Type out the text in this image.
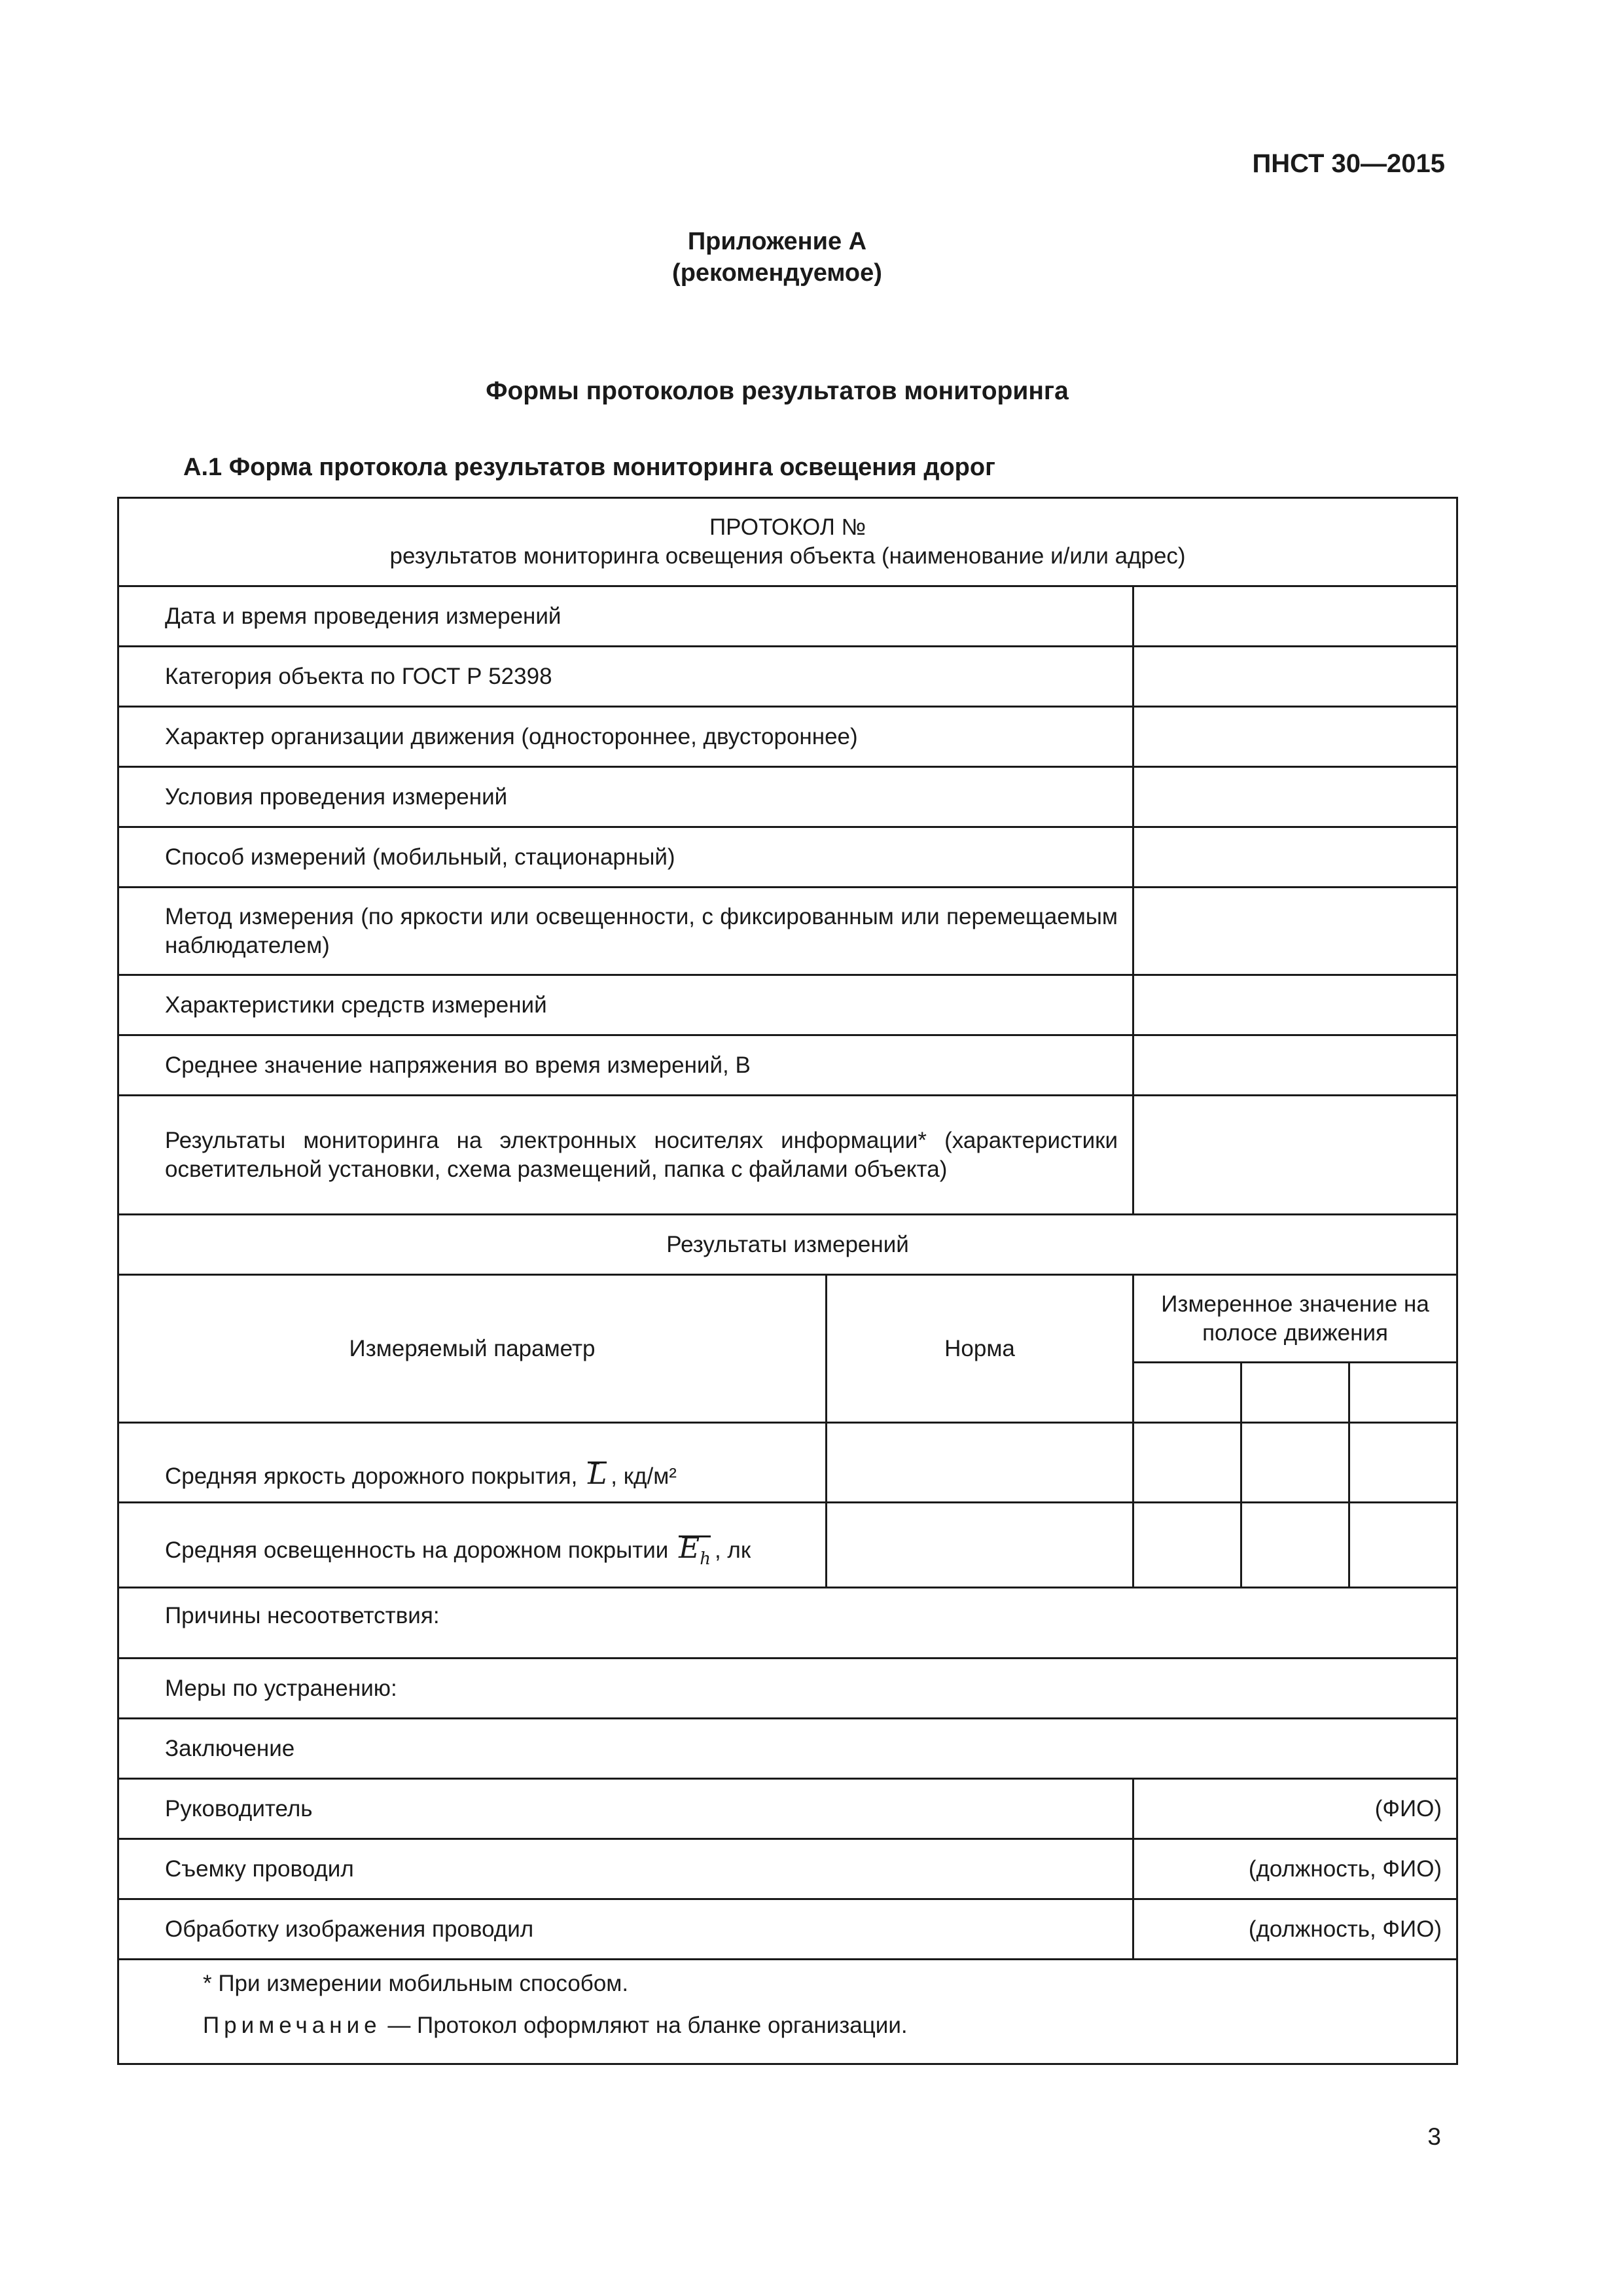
ПНСТ 30—2015
Приложение А
(рекомендуемое)
Формы протоколов результатов мониторинга
А.1 Форма протокола результатов мониторинга освещения дорог
ПРОТОКОЛ №
результатов мониторинга освещения объекта (наименование и/или адрес)				

Дата и время проведения измерений				
Категория объекта по ГОСТ Р 52398				
Характер организации движения (одностороннее, двустороннее)				
Условия проведения измерений				
Способ измерений (мобильный, стационарный)				
Метод измерения (по яркости или освещенности, с фиксированным или перемещаемым наблюдателем)				
Характеристики средств измерений				
Среднее значение напряжения во время измерений, В				
Результаты мониторинга на электронных носителях информации* (характеристики осветительной установки, схема размещений, папка с файлами объекта)				
Результаты измерений				
Измеряемый параметр	Норма	Измеренное значение на полосе движения		

Средняя яркость дорожного покрытия, L , кд/м²				
Средняя освещенность на дорожном покрытии $E_h$ , лк				
Причины несоответствия:				
Меры по устранению:				
Заключение				
Руководитель		(ФИО)		
Съемку проводил		(должность, ФИО)		
Обработку изображения проводил		(должность, ФИО)		

* При измерении мобильным способом.
Примечание — Протокол оформляют на бланке организации.				
3
